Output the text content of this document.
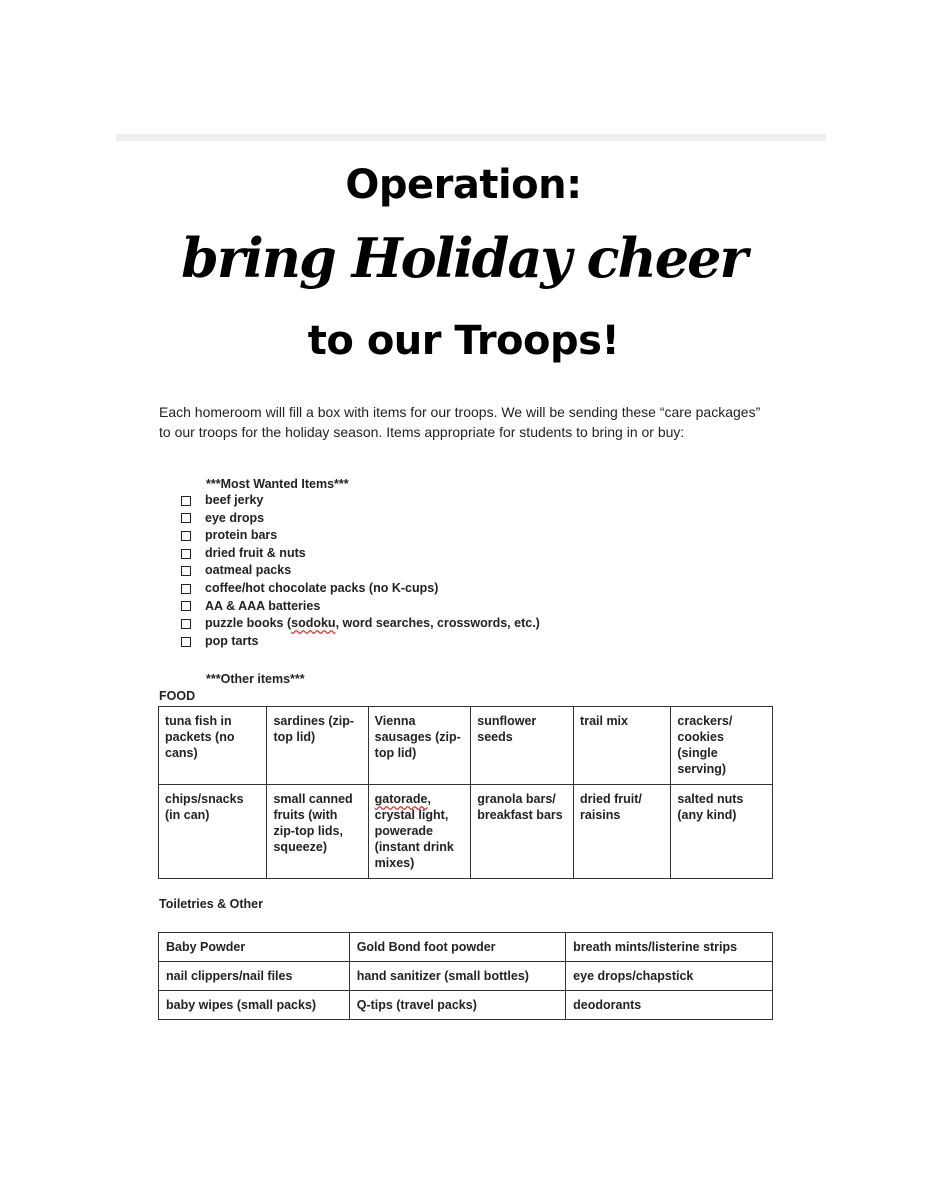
Operation:
bring Holiday cheer
to our Troops!
Each homeroom will fill a box with items for our troops. We will be sending these “care packages” to our troops for the holiday season. Items appropriate for students to bring in or buy:
***Most Wanted Items***
beef jerky
eye drops
protein bars
dried fruit & nuts
oatmeal packs
coffee/hot chocolate packs (no K-cups)
AA & AAA batteries
puzzle books (sodoku, word searches, crosswords, etc.)
pop tarts
***Other items***
FOOD
tuna fish in packets (no cans)	sardines (zip-top lid)	Vienna sausages (zip-top lid)	sunflower seeds	trail mix	crackers/ cookies (single serving)
chips/snacks (in can)	small canned fruits (with zip-top lids, squeeze)	gatorade, crystal light, powerade (instant drink mixes)	granola bars/ breakfast bars	dried fruit/ raisins	salted nuts (any kind)
Toiletries & Other
Baby Powder	Gold Bond foot powder	breath mints/listerine strips
nail clippers/nail files	hand sanitizer (small bottles)	eye drops/chapstick
baby wipes (small packs)	Q-tips (travel packs)	deodorants
